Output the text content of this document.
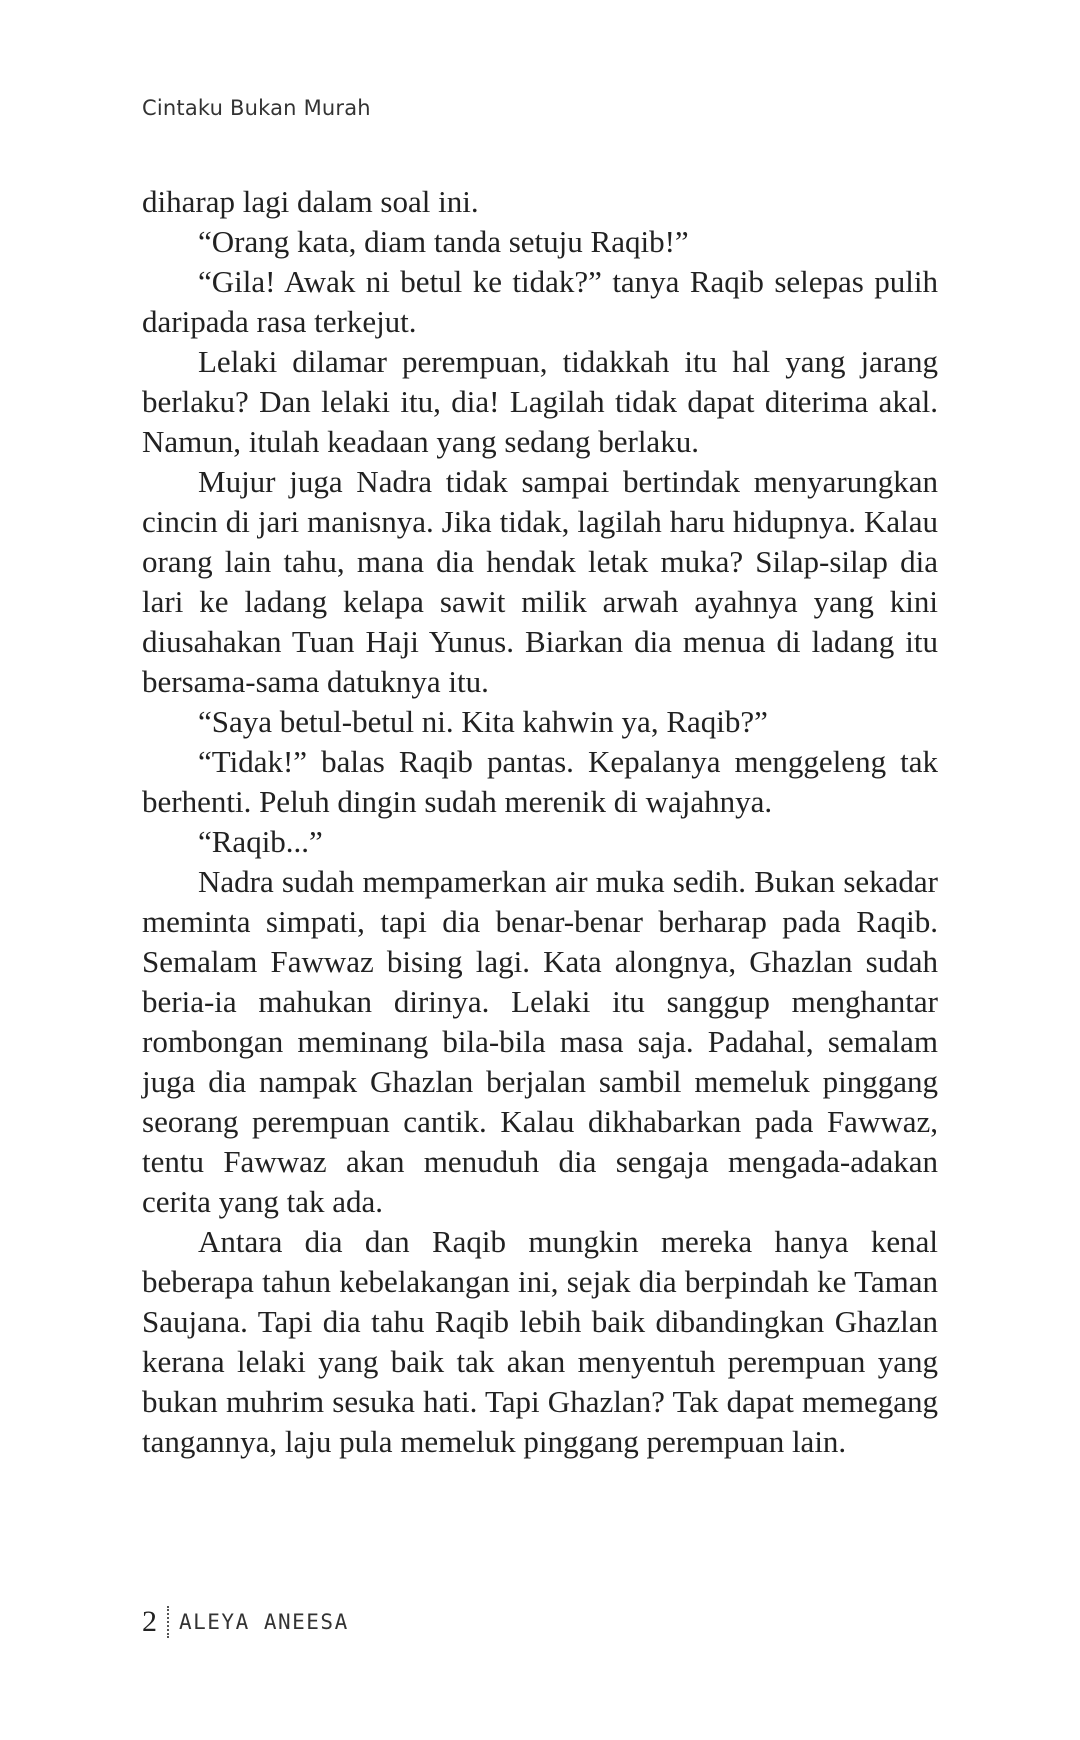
Cintaku Bukan Murah

diharap lagi dalam soal ini.

“Orang kata, diam tanda setuju Raqib!”

“Gila! Awak ni betul ke tidak?” tanya Raqib selepas pulih daripada rasa terkejut.

Lelaki dilamar perempuan, tidakkah itu hal yang jarang berlaku? Dan lelaki itu, dia! Lagilah tidak dapat diterima akal. Namun, itulah keadaan yang sedang berlaku.

Mujur juga Nadra tidak sampai bertindak menyarungkan cincin di jari manisnya. Jika tidak, lagilah haru hidupnya. Kalau orang lain tahu, mana dia hendak letak muka? Silap-silap dia lari ke ladang kelapa sawit milik arwah ayahnya yang kini diusahakan Tuan Haji Yunus. Biarkan dia menua di ladang itu bersama-sama datuknya itu.

“Saya betul-betul ni. Kita kahwin ya, Raqib?”

“Tidak!” balas Raqib pantas. Kepalanya menggeleng tak berhenti. Peluh dingin sudah merenik di wajahnya.

“Raqib...”

Nadra sudah mempamerkan air muka sedih. Bukan sekadar meminta simpati, tapi dia benar-benar berharap pada Raqib. Semalam Fawwaz bising lagi. Kata alongnya, Ghazlan sudah beria-ia mahukan dirinya. Lelaki itu sanggup menghantar rombongan meminang bila-bila masa saja. Padahal, semalam juga dia nampak Ghazlan berjalan sambil memeluk pinggang seorang perempuan cantik. Kalau dikhabarkan pada Fawwaz, tentu Fawwaz akan menuduh dia sengaja mengada-adakan cerita yang tak ada.

Antara dia dan Raqib mungkin mereka hanya kenal beberapa tahun kebelakangan ini, sejak dia berpindah ke Taman Saujana. Tapi dia tahu Raqib lebih baik dibandingkan Ghazlan kerana lelaki yang baik tak akan menyentuh perempuan yang bukan muhrim sesuka hati. Tapi Ghazlan? Tak dapat memegang tangannya, laju pula memeluk pinggang perempuan lain.

2 ALEYA ANEESA
